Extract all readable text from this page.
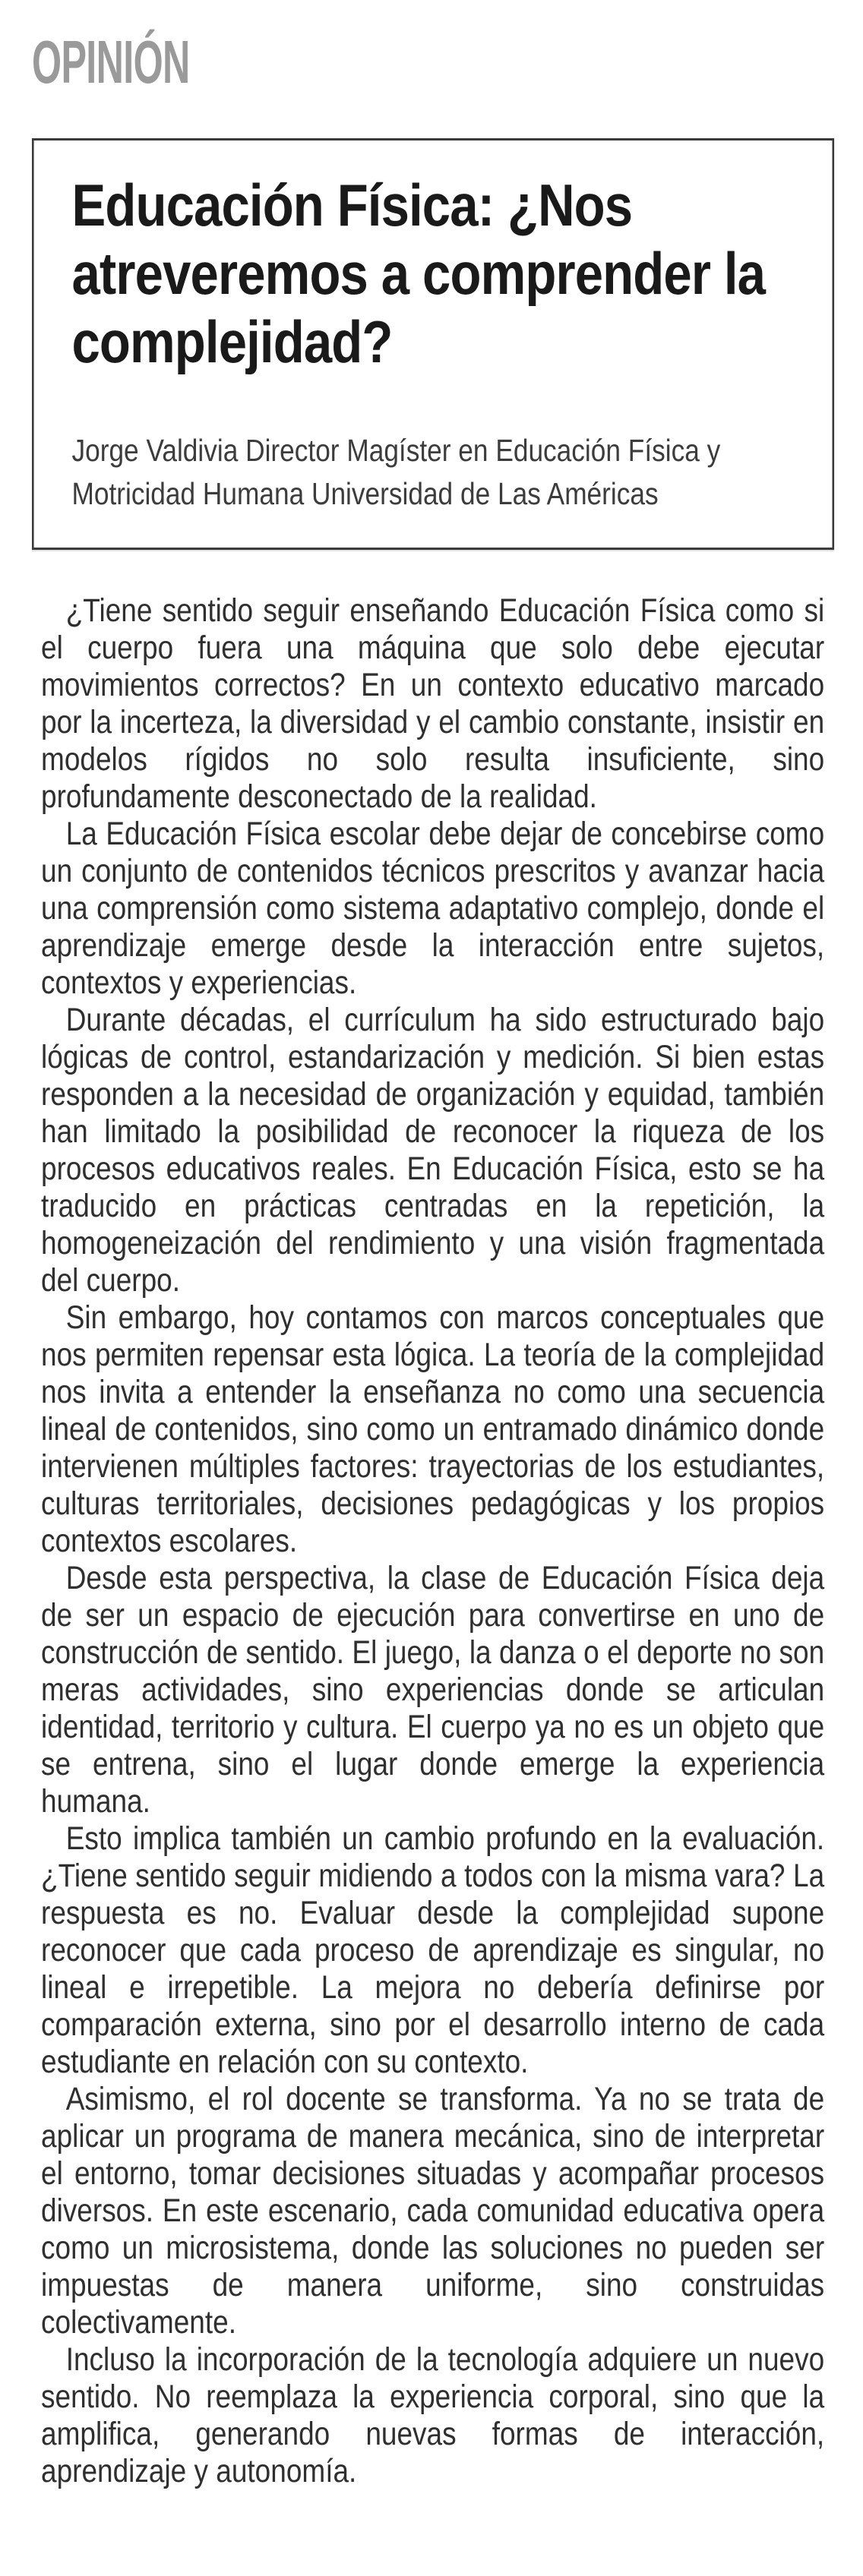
OPINIÓN
Educación Física: ¿Nos atreveremos a comprender la complejidad?

Jorge Valdivia Director Magíster en Educación Física y Motricidad Humana Universidad de Las Américas

¿Tiene sentido seguir enseñando Educación Física como si el cuerpo fuera una máquina que solo debe ejecutar movimientos correctos? En un contexto educativo marcado por la incerteza, la diversidad y el cambio constante, insistir en modelos rígidos no solo resulta insuficiente, sino profundamente desconectado de la realidad.

La Educación Física escolar debe dejar de concebirse como un conjunto de contenidos técnicos prescritos y avanzar hacia una comprensión como sistema adaptativo complejo, donde el aprendizaje emerge desde la interacción entre sujetos, contextos y experiencias.

Durante décadas, el currículum ha sido estructurado bajo lógicas de control, estandarización y medición. Si bien estas responden a la necesidad de organización y equidad, también han limitado la posibilidad de reconocer la riqueza de los procesos educativos reales. En Educación Física, esto se ha traducido en prácticas centradas en la repetición, la homogeneización del rendimiento y una visión fragmentada del cuerpo.

Sin embargo, hoy contamos con marcos conceptuales que nos permiten repensar esta lógica. La teoría de la complejidad nos invita a entender la enseñanza no como una secuencia lineal de contenidos, sino como un entramado dinámico donde intervienen múltiples factores: trayectorias de los estudiantes, culturas territoriales, decisiones pedagógicas y los propios contextos escolares.

Desde esta perspectiva, la clase de Educación Física deja de ser un espacio de ejecución para convertirse en uno de construcción de sentido. El juego, la danza o el deporte no son meras actividades, sino experiencias donde se articulan identidad, territorio y cultura. El cuerpo ya no es un objeto que se entrena, sino el lugar donde emerge la experiencia humana.

Esto implica también un cambio profundo en la evaluación. ¿Tiene sentido seguir midiendo a todos con la misma vara? La respuesta es no. Evaluar desde la complejidad supone reconocer que cada proceso de aprendizaje es singular, no lineal e irrepetible. La mejora no debería definirse por comparación externa, sino por el desarrollo interno de cada estudiante en relación con su contexto.

Asimismo, el rol docente se transforma. Ya no se trata de aplicar un programa de manera mecánica, sino de interpretar el entorno, tomar decisiones situadas y acompañar procesos diversos. En este escenario, cada comunidad educativa opera como un microsistema, donde las soluciones no pueden ser impuestas de manera uniforme, sino construidas colectivamente.

Incluso la incorporación de la tecnología adquiere un nuevo sentido. No reemplaza la experiencia corporal, sino que la amplifica, generando nuevas formas de interacción, aprendizaje y autonomía.
